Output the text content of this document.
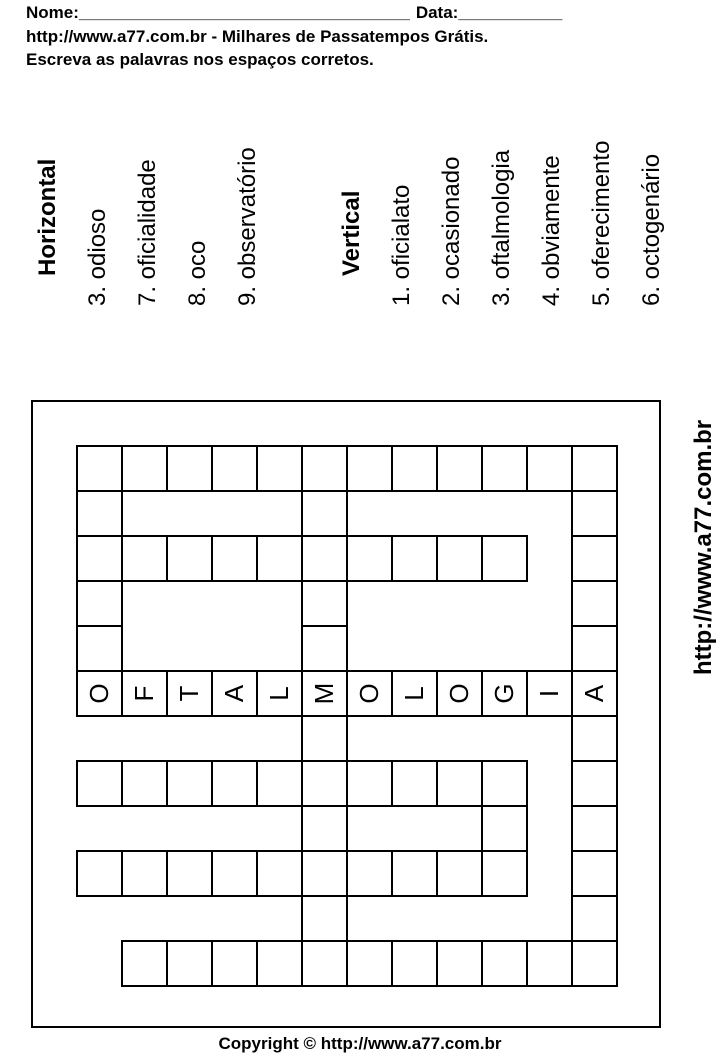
Nome:___________________________________ Data:___________
http://www.a77.com.br - Milhares de Passatempos Grátis.
Escreva as palavras nos espaços corretos.
Horizontal 3. odioso 7. oficialidade 8. oco 9. observatório	Vertical 1. oficialato 2. ocasionado 3. oftalmologia 4. obviamente 5. oferecimento 6. octogenário
http://www.a77.com.br
O F T A L M O L O G I A
Copyright © http://www.a77.com.br
